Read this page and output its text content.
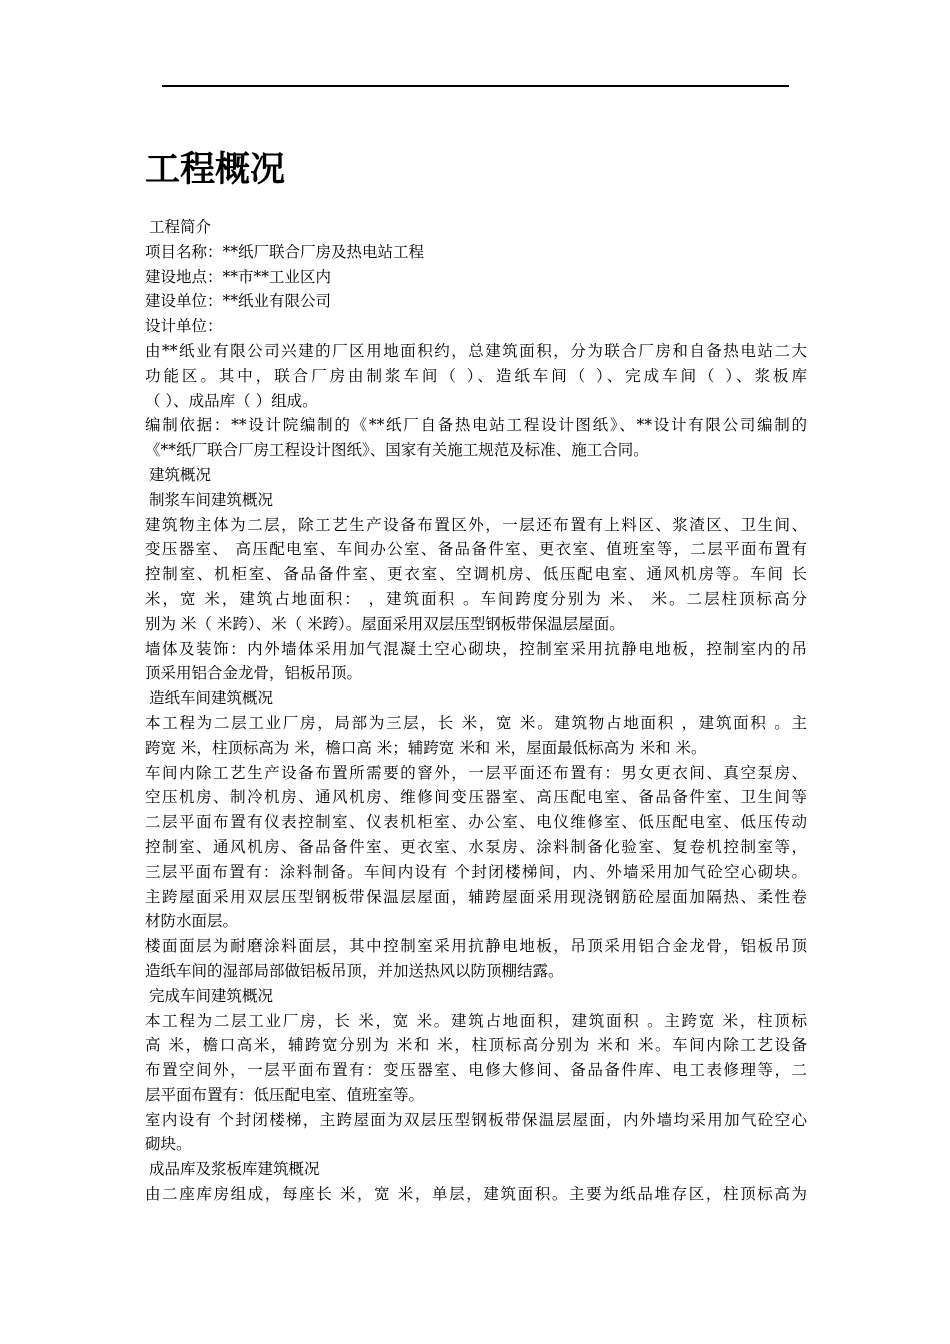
工程概况
工程简介
项目名称：**纸厂联合厂房及热电站工程
建设地点：**市**工业区内
建设单位：**纸业有限公司
设计单位：
由**纸业有限公司兴建的厂区用地面积约，总建筑面积，分为联合厂房和自备热电站二大
功能区。其中，联合厂房由制浆车间（ ）、造纸车间（ ）、完成车间（ ）、浆板库
（ ）、成品库（ ）组成。
编制依据：**设计院编制的《**纸厂自备热电站工程设计图纸》、**设计有限公司编制的
《**纸厂联合厂房工程设计图纸》、国家有关施工规范及标准、施工合同。
建筑概况
制浆车间建筑概况
建筑物主体为二层，除工艺生产设备布置区外，一层还布置有上料区、浆渣区、卫生间、
变压器室、 高压配电室、车间办公室、备品备件室、更衣室、值班室等，二层平面布置有
控制室、机柜室、备品备件室、更衣室、空调机房、低压配电室、通风机房等。车间 长
米，宽 米，建筑占地面积： ，建筑面积 。车间跨度分别为 米、 米。二层柱顶标高分
别为 米（ 米跨）、米（ 米跨）。屋面采用双层压型钢板带保温层屋面。
墙体及装饰：内外墙体采用加气混凝土空心砌块，控制室采用抗静电地板，控制室内的吊
顶采用铝合金龙骨，铝板吊顶。
造纸车间建筑概况
本工程为二层工业厂房，局部为三层，长 米，宽 米。建筑物占地面积 ，建筑面积 。主
跨宽 米，柱顶标高为 米，檐口高 米；辅跨宽 米和 米，屋面最低标高为 米和 米。
车间内除工艺生产设备布置所需要的窨外，一层平面还布置有：男女更衣间、真空泵房、
空压机房、制冷机房、通风机房、维修间变压器室、高压配电室、备品备件室、卫生间等
二层平面布置有仪表控制室、仪表机柜室、办公室、电仪维修室、低压配电室、低压传动
控制室、通风机房、备品备件室、更衣室、水泵房、涂料制备化验室、复卷机控制室等，
三层平面布置有：涂料制备。车间内设有 个封闭楼梯间，内、外墙采用加气砼空心砌块。
主跨屋面采用双层压型钢板带保温层屋面，辅跨屋面采用现浇钢筋砼屋面加隔热、柔性卷
材防水面层。
楼面面层为耐磨涂料面层，其中控制室采用抗静电地板，吊顶采用铝合金龙骨，铝板吊顶
造纸车间的湿部局部做铝板吊顶，并加送热风以防顶棚结露。
完成车间建筑概况
本工程为二层工业厂房，长 米，宽 米。建筑占地面积，建筑面积 。主跨宽 米，柱顶标
高 米，檐口高米，辅跨宽分别为 米和 米，柱顶标高分别为 米和 米。车间内除工艺设备
布置空间外，一层平面布置有：变压器室、电修大修间、备品备件库、电工表修理等，二
层平面布置有：低压配电室、值班室等。
室内设有 个封闭楼梯，主跨屋面为双层压型钢板带保温层屋面，内外墙均采用加气砼空心
砌块。
成品库及浆板库建筑概况
由二座库房组成，每座长 米，宽 米，单层，建筑面积。主要为纸品堆存区，柱顶标高为
